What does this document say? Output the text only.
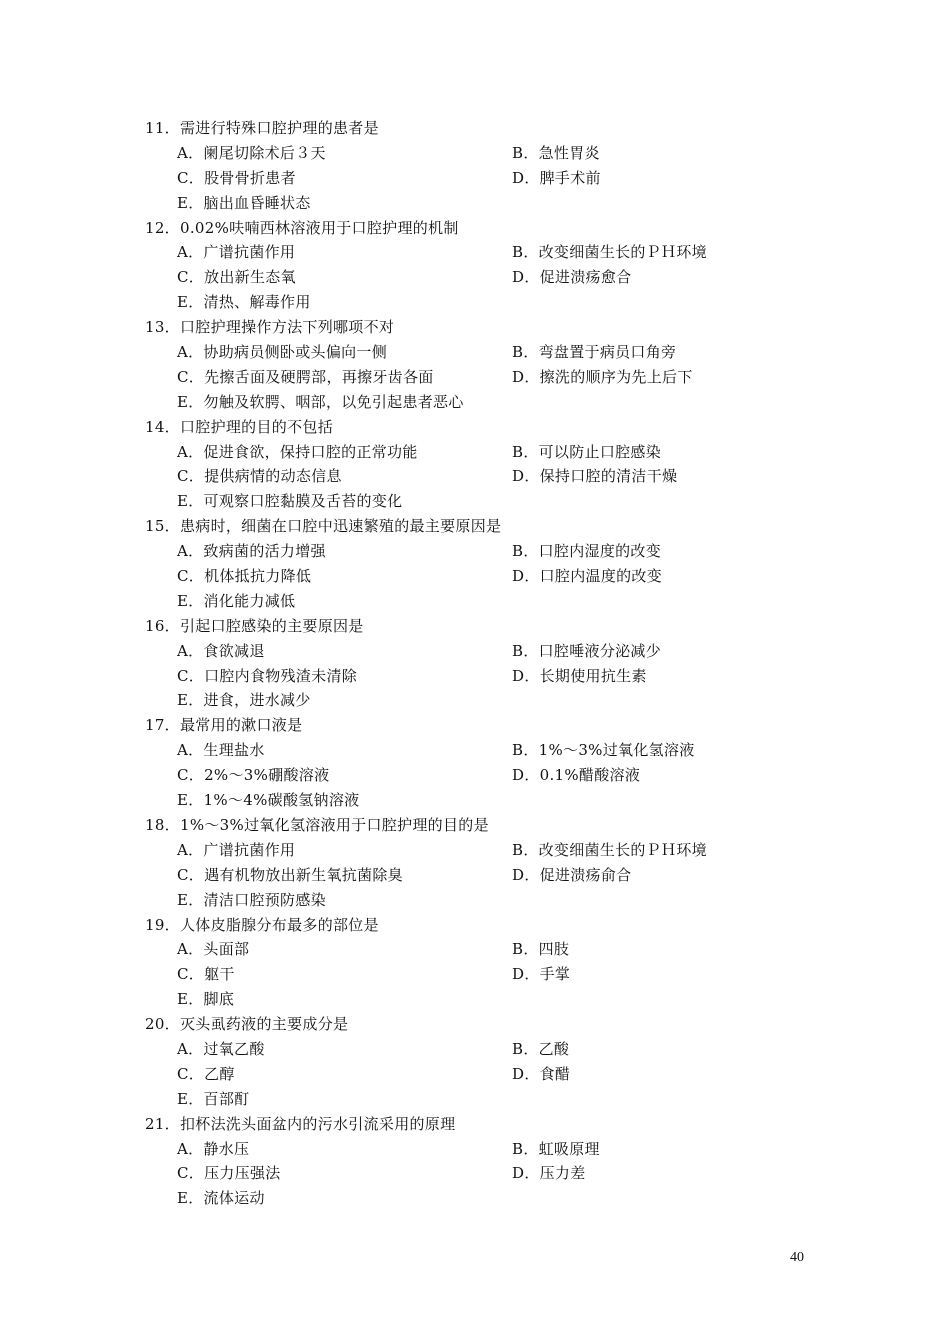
11．需进行特殊口腔护理的患者是
A．阑尾切除术后３天	B．急性胃炎
C．股骨骨折患者	D．脾手术前
E．脑出血昏睡状态
12．0.02%呋喃西林溶液用于口腔护理的机制
A．广谱抗菌作用	B．改变细菌生长的ＰＨ环境
C．放出新生态氧	D．促进溃疡愈合
E．清热、解毒作用
13．口腔护理操作方法下列哪项不对
A．协助病员侧卧或头偏向一侧	B．弯盘置于病员口角旁
C．先擦舌面及硬腭部，再擦牙齿各面	D．擦洗的顺序为先上后下
E．勿触及软腭、咽部，以免引起患者恶心
14．口腔护理的目的不包括
A．促进食欲，保持口腔的正常功能	B．可以防止口腔感染
C．提供病情的动态信息	D．保持口腔的清洁干燥
E．可观察口腔黏膜及舌苔的变化
15．患病时，细菌在口腔中迅速繁殖的最主要原因是
A．致病菌的活力增强	B．口腔内湿度的改变
C．机体抵抗力降低	D．口腔内温度的改变
E．消化能力减低
16．引起口腔感染的主要原因是
A．食欲减退	B．口腔唾液分泌减少
C．口腔内食物残渣未清除	D．长期使用抗生素
E．进食，进水减少
17．最常用的漱口液是
A．生理盐水	B．1%～3%过氧化氢溶液
C．2%～3%硼酸溶液	D．0.1%醋酸溶液
E．1%～4%碳酸氢钠溶液
18．1%～3%过氧化氢溶液用于口腔护理的目的是
A．广谱抗菌作用	B．改变细菌生长的ＰＨ环境
C．遇有机物放出新生氧抗菌除臭	D．促进溃疡俞合
E．清洁口腔预防感染
19．人体皮脂腺分布最多的部位是
A．头面部	B．四肢
C．躯干	D．手掌
E．脚底
20．灭头虱药液的主要成分是
A．过氧乙酸	B．乙酸
C．乙醇	D．食醋
E．百部酊
21．扣杯法洗头面盆内的污水引流采用的原理
A．静水压	B．虹吸原理
C．压力压强法	D．压力差
E．流体运动
40
